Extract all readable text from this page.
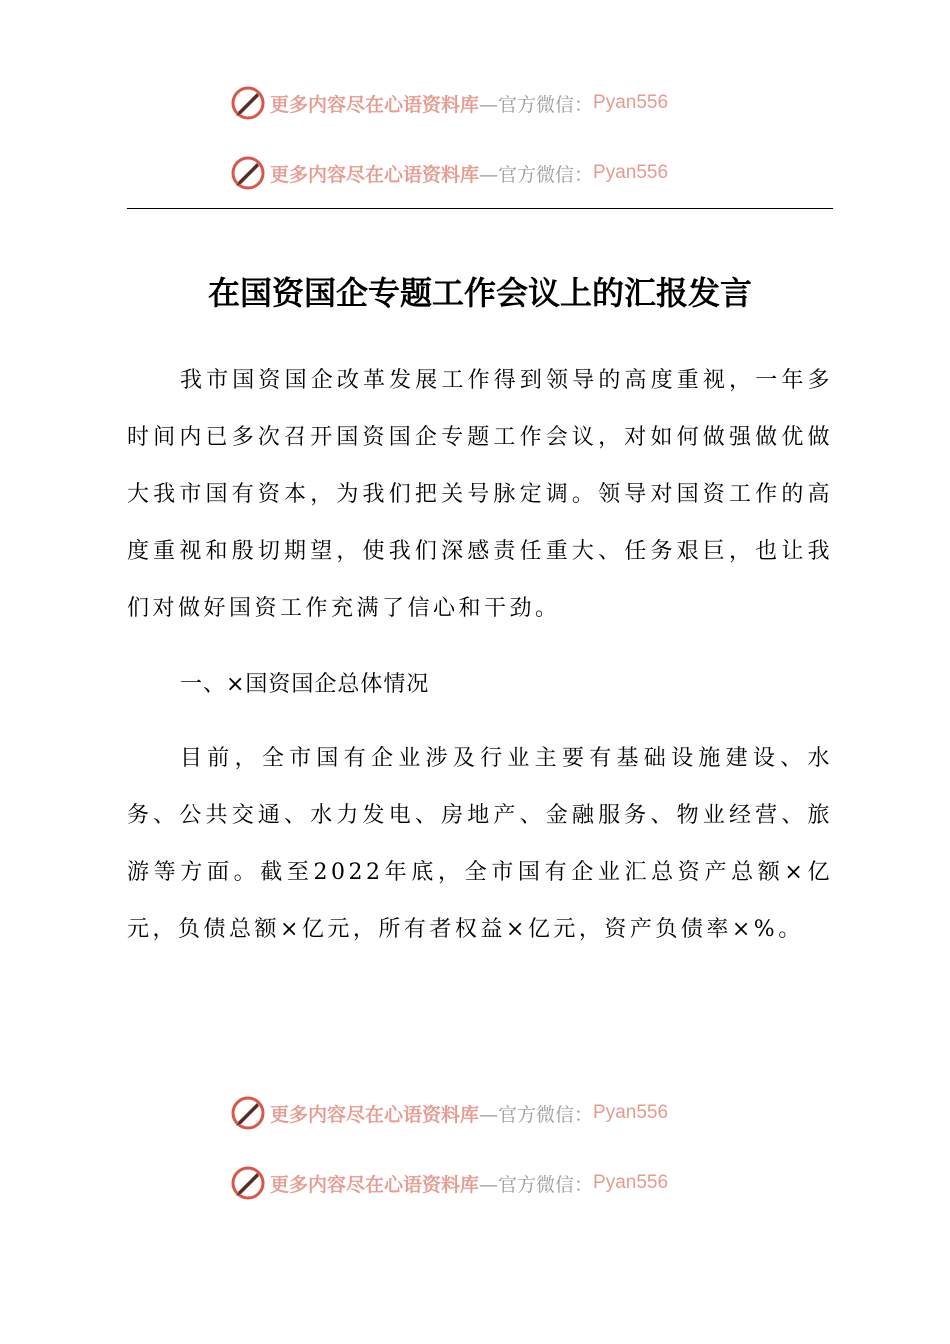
更多内容尽在心语资料库 —官方微信： Pyan556
更多内容尽在心语资料库 —官方微信： Pyan556
在国资国企专题工作会议上的汇报发言

我市国资国企改革发展工作得到领导的高度重视，一年多时间内已多次召开国资国企专题工作会议，对如何做强做优做大我市国有资本，为我们把关号脉定调。领导对国资工作的高度重视和殷切期望，使我们深感责任重大、任务艰巨，也让我们对做好国资工作充满了信心和干劲。

一、×国资国企总体情况

目前，全市国有企业涉及行业主要有基础设施建设、水务、公共交通、水力发电、房地产、金融服务、物业经营、旅游等方面。截至2022年底，全市国有企业汇总资产总额×亿元，负债总额×亿元，所有者权益×亿元，资产负债率×%。

更多内容尽在心语资料库 —官方微信： Pyan556
更多内容尽在心语资料库 —官方微信： Pyan556
